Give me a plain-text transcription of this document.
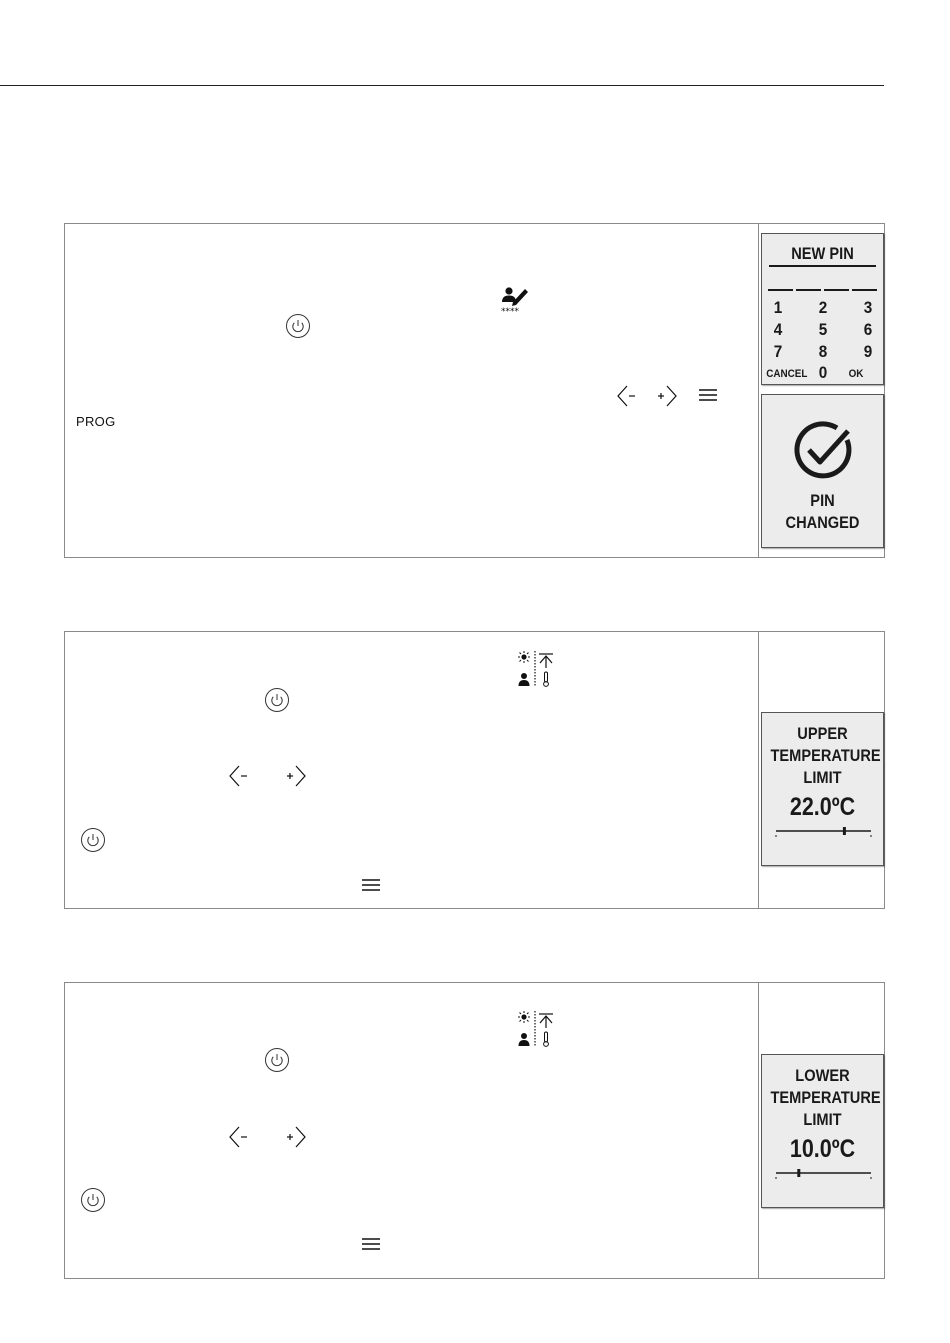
****
PROG
NEW PIN
1	2	3
4	5	6
7	8	9
CANCEL 0	OK
PIN
CHANGED
UPPER
TEMPERATURE
LIMIT
22.0ºC
LOWER
TEMPERATURE
LIMIT
10.0ºC
